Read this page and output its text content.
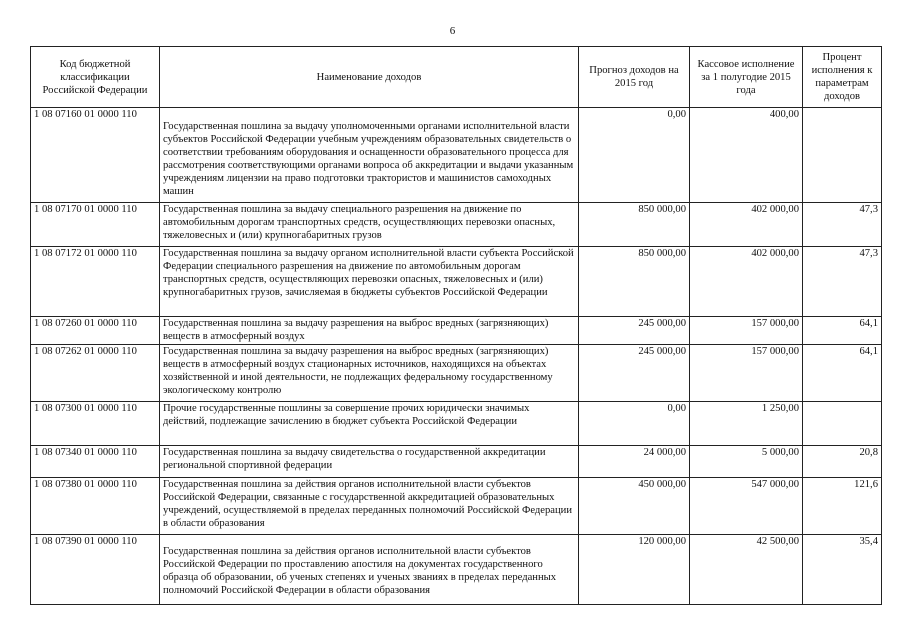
6
Код бюджетной классификации Российской Федерации	Наименование доходов	Прогноз доходов на 2015 год	Кассовое исполнение за 1 полугодие 2015 года	Процент исполнения к параметрам доходов
1 08 07160 01 0000 110	Государственная пошлина за выдачу уполномоченными органами исполнительной власти субъектов Российской Федерации учебным учреждениям образовательных свидетельств о соответствии требованиям оборудования и оснащенности образовательного процесса для рассмотрения соответствующими органами вопроса об аккредитации и выдачи указанным учреждениям лицензии на право подготовки трактористов и машинистов самоходных машин	0,00	400,00	
1 08 07170 01 0000 110	Государственная пошлина за выдачу специального разрешения на движение по автомобильным дорогам транспортных средств, осуществляющих перевозки опасных, тяжеловесных и (или) крупногабаритных грузов	850 000,00	402 000,00	47,3
1 08 07172 01 0000 110	Государственная пошлина за выдачу органом исполнительной власти субъекта Российской Федерации специального разрешения на движение по автомобильным дорогам транспортных средств, осуществляющих перевозки опасных, тяжеловесных и (или) крупногабаритных грузов, зачисляемая в бюджеты субъектов Российской Федерации	850 000,00	402 000,00	47,3
1 08 07260 01 0000 110	Государственная пошлина за выдачу разрешения на выброс вредных (загрязняющих) веществ в атмосферный воздух	245 000,00	157 000,00	64,1
1 08 07262 01 0000 110	Государственная пошлина за выдачу разрешения на выброс вредных (загрязняющих) веществ в атмосферный воздух стационарных источников, находящихся на объектах хозяйственной и иной деятельности, не подлежащих федеральному государственному экологическому контролю	245 000,00	157 000,00	64,1
1 08 07300 01 0000 110	Прочие государственные пошлины за совершение прочих юридически значимых действий, подлежащие зачислению в бюджет субъекта Российской Федерации	0,00	1 250,00	
1 08 07340 01 0000 110	Государственная пошлина за выдачу свидетельства о государственной аккредитации региональной спортивной федерации	24 000,00	5 000,00	20,8
1 08 07380 01 0000 110	Государственная пошлина за действия органов исполнительной власти субъектов Российской Федерации, связанные с государственной аккредитацией образовательных учреждений, осуществляемой в пределах переданных полномочий Российской Федерации в области образования	450 000,00	547 000,00	121,6
1 08 07390 01 0000 110	Государственная пошлина за действия органов исполнительной власти субъектов Российской Федерации по проставлению апостиля на документах государственного образца об образовании, об ученых степенях и ученых званиях в пределах переданных полномочий Российской Федерации в области образования	120 000,00	42 500,00	35,4
